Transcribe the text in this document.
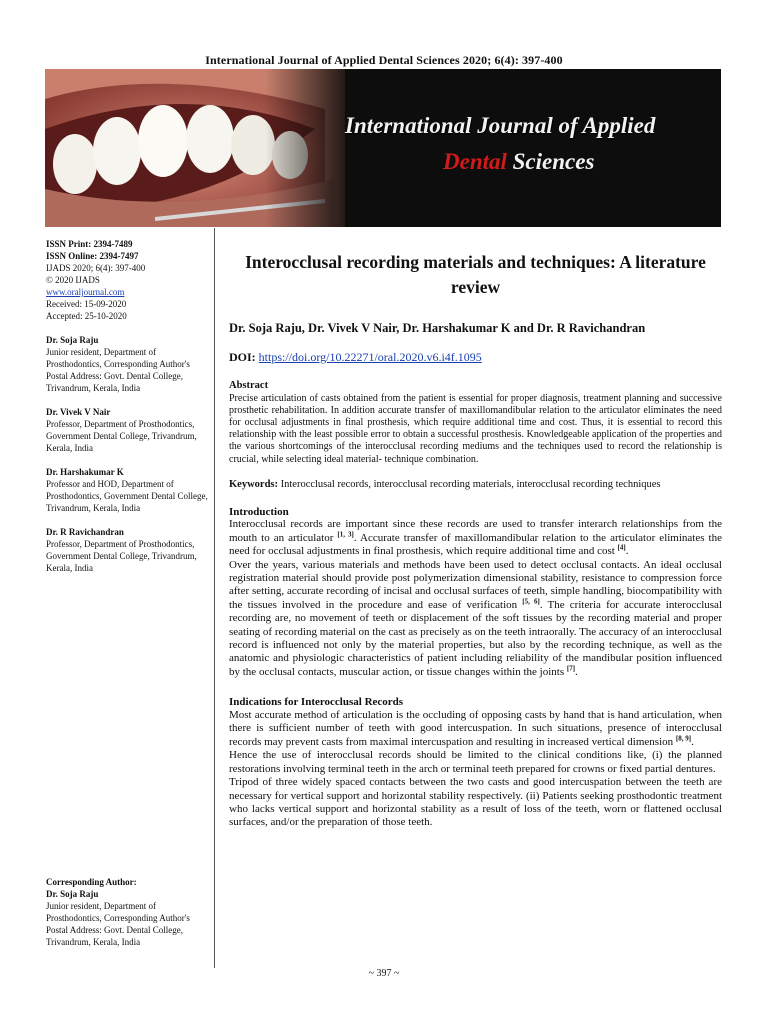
International Journal of Applied Dental Sciences 2020; 6(4): 397-400
International Journal of Applied
Dental Sciences
ISSN Print: 2394-7489
ISSN Online: 2394-7497
IJADS 2020; 6(4): 397-400
© 2020 IJADS
www.oraljournal.com
Received: 15-09-2020
Accepted: 25-10-2020
Dr. Soja Raju
Junior resident, Department of Prosthodontics, Corresponding Author's Postal Address: Govt. Dental College, Trivandrum, Kerala, India
Dr. Vivek V Nair
Professor, Department of Prosthodontics, Government Dental College, Trivandrum, Kerala, India
Dr. Harshakumar K
Professor and HOD, Department of Prosthodontics, Government Dental College, Trivandrum, Kerala, India
Dr. R Ravichandran
Professor, Department of Prosthodontics, Government Dental College, Trivandrum, Kerala, India
Corresponding Author:
Dr. Soja Raju
Junior resident, Department of Prosthodontics, Corresponding Author's Postal Address: Govt. Dental College, Trivandrum, Kerala, India
Interocclusal recording materials and techniques: A literature review
Dr. Soja Raju, Dr. Vivek V Nair, Dr. Harshakumar K and Dr. R Ravichandran
DOI: https://doi.org/10.22271/oral.2020.v6.i4f.1095
Abstract
Precise articulation of casts obtained from the patient is essential for proper diagnosis, treatment planning and successive prosthetic rehabilitation. In addition accurate transfer of maxillomandibular relation to the articulator eliminates the need for occlusal adjustments in final prosthesis, which require additional time and cost. Thus, it is essential to record this relationship with the least possible error to obtain a successful prosthesis. Knowledgeable application of the properties and the various shortcomings of the interocclusal recording mediums and the techniques used to record the relationship is crucial, while selecting ideal material- technique combination.
Keywords: Interocclusal records, interocclusal recording materials, interocclusal recording techniques
Introduction
Interocclusal records are important since these records are used to transfer interarch relationships from the mouth to an articulator [1, 3]. Accurate transfer of maxillomandibular relation to the articulator eliminates the need for occlusal adjustments in final prosthesis, which require additional time and cost [4].
Over the years, various materials and methods have been used to detect occlusal contacts. An ideal occlusal registration material should provide post polymerization dimensional stability, resistance to compression force after setting, accurate recording of incisal and occlusal surfaces of teeth, simple handling, biocompatibility with the tissues involved in the procedure and ease of verification [5, 6]. The criteria for accurate interocclusal recording are, no movement of teeth or displacement of the soft tissues by the recording material and proper seating of recording material on the cast as precisely as on the teeth intraorally. The accuracy of an interocclusal record is influenced not only by the material properties, but also by the recording technique, as well as the anatomic and physiologic characteristics of patient including reliability of the mandibular position influenced by the occlusal contacts, muscular action, or tissue changes within the joints [7].
Indications for Interocclusal Records
Most accurate method of articulation is the occluding of opposing casts by hand that is hand articulation, when there is sufficient number of teeth with good intercuspation. In such situations, presence of interocclusal records may prevent casts from maximal intercuspation and resulting in increased vertical dimension [8, 9].
Hence the use of interocclusal records should be limited to the clinical conditions like, (i) the planned restorations involving terminal teeth in the arch or terminal teeth prepared for crowns or fixed partial dentures.
Tripod of three widely spaced contacts between the two casts and good intercuspation between the teeth are necessary for vertical support and horizontal stability respectively. (ii) Patients seeking prosthodontic treatment who lacks vertical support and horizontal stability as a result of loss of the teeth, worn or flattened occlusal surfaces, and/or the preparation of those teeth.
~ 397 ~
